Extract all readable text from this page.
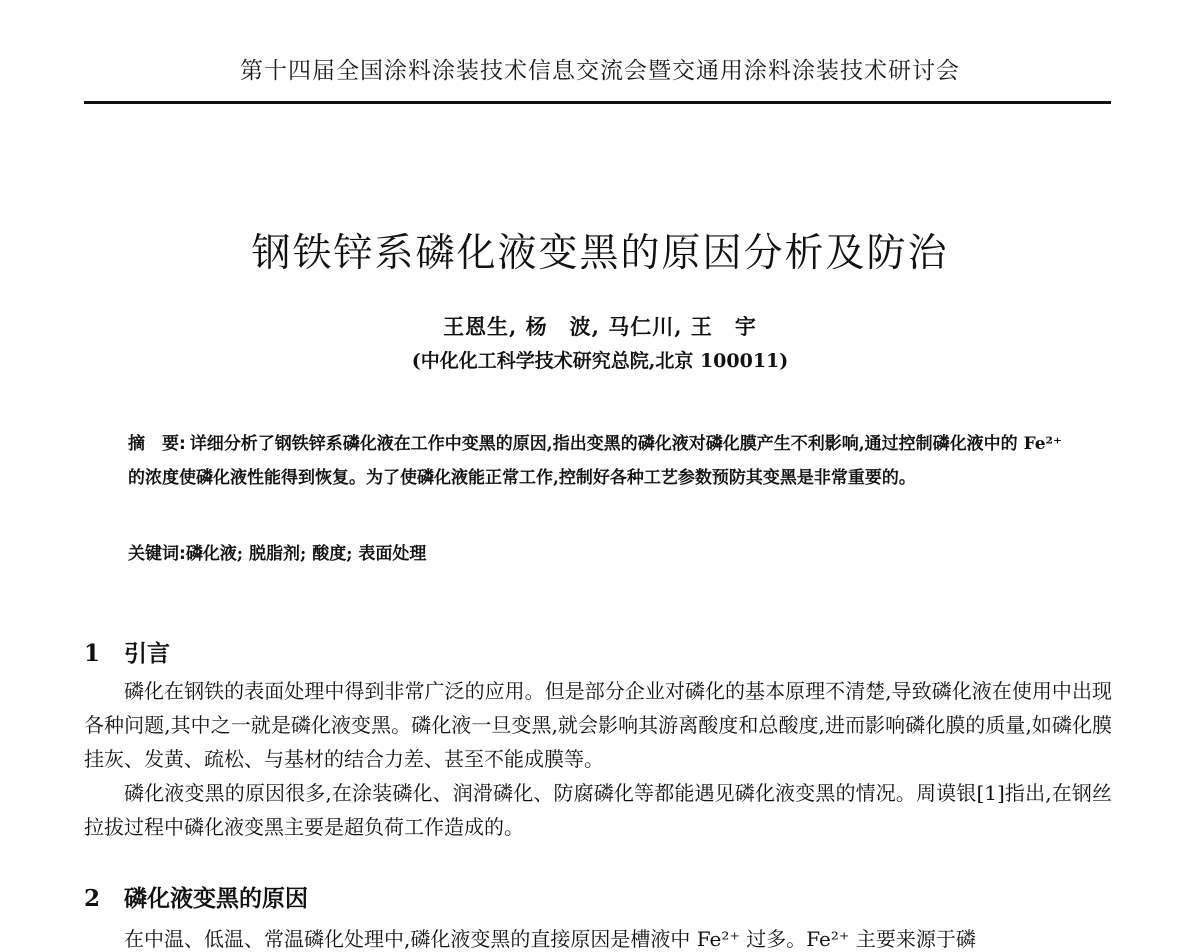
第十四届全国涂料涂装技术信息交流会暨交通用涂料涂装技术研讨会
钢铁锌系磷化液变黑的原因分析及防治
王恩生, 杨　波, 马仁川, 王　宇
(中化化工科学技术研究总院,北京 100011)
摘　要: 详细分析了钢铁锌系磷化液在工作中变黑的原因,指出变黑的磷化液对磷化膜产生不利影响,通过控制磷化液中的 Fe²⁺ 的浓度使磷化液性能得到恢复。为了使磷化液能正常工作,控制好各种工艺参数预防其变黑是非常重要的。
关键词:磷化液; 脱脂剂; 酸度; 表面处理
1 引言

磷化在钢铁的表面处理中得到非常广泛的应用。但是部分企业对磷化的基本原理不清楚,导致磷化液在使用中出现各种问题,其中之一就是磷化液变黑。磷化液一旦变黑,就会影响其游离酸度和总酸度,进而影响磷化膜的质量,如磷化膜挂灰、发黄、疏松、与基材的结合力差、甚至不能成膜等。

磷化液变黑的原因很多,在涂装磷化、润滑磷化、防腐磷化等都能遇见磷化液变黑的情况。周谟银[1]指出,在钢丝拉拔过程中磷化液变黑主要是超负荷工作造成的。

2 磷化液变黑的原因

在中温、低温、常温磷化处理中,磷化液变黑的直接原因是槽液中 Fe²⁺ 过多。Fe²⁺ 主要来源于磷
